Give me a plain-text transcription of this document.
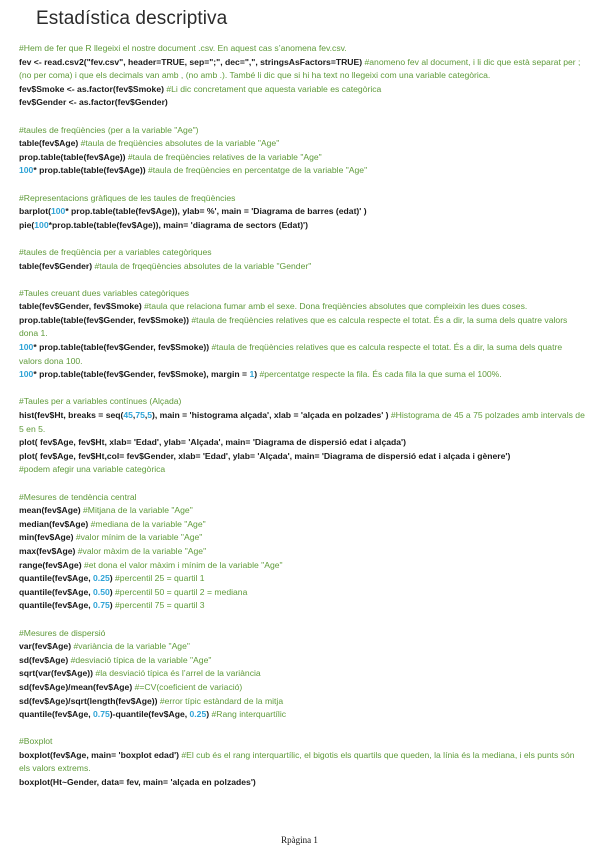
Estadística descriptiva
#Hem de fer que R llegeixi el nostre document .csv. En aquest cas s’anomena fev.csv.
fev <- read.csv2("fev.csv", header=TRUE, sep=";", dec=",", stringsAsFactors=TRUE) #anomeno fev al document, i li dic que està separat per ; (no per coma) i que els decimals van amb , (no amb .). També li dic que si hi ha text no llegeixi com una variable categòrica.
fev$Smoke <- as.factor(fev$Smoke) #Li dic concretament que aquesta variable es categòrica
fev$Gender <- as.factor(fev$Gender)
#taules de freqüències (per a la variable "Age")
table(fev$Age) #taula de freqüències absolutes de la variable "Age"
prop.table(table(fev$Age)) #taula de freqüències relatives de la variable "Age"
100* prop.table(table(fev$Age)) #taula de freqüències en percentatge de la variable "Age"
#Representacions gràfiques de les taules de freqüències
barplot(100* prop.table(table(fev$Age)), ylab= %', main = 'Diagrama de barres (edat)' )
pie(100*prop.table(table(fev$Age)), main= 'diagrama de sectors (Edat)')
#taules de freqüència per a variables categòriques
table(fev$Gender) #taula de frqeqüències absolutes de la variable "Gender"
#Taules creuant dues variables categòriques
table(fev$Gender, fev$Smoke) #taula que relaciona fumar amb el sexe. Dona freqüències absolutes que compleixin les dues coses.
prop.table(table(fev$Gender, fev$Smoke)) #taula de freqüències relatives que es calcula respecte el totat. És a dir, la suma dels quatre valors dona 1.
100* prop.table(table(fev$Gender, fev$Smoke)) #taula de freqüències relatives que es calcula respecte el totat. És a dir, la suma dels quatre valors dona 100.
100* prop.table(table(fev$Gender, fev$Smoke), margin = 1) #percentatge respecte la fila. És cada fila la que suma el 100%.
#Taules per a variables contínues (Alçada)
hist(fev$Ht, breaks = seq(45,75,5), main = 'histograma alçada', xlab = 'alçada en polzades' ) #Histograma de 45 a 75 polzades amb intervals de 5 en 5.
plot( fev$Age, fev$Ht, xlab= 'Edad', ylab= 'Alçada', main= 'Diagrama de dispersió edat i alçada')
plot( fev$Age, fev$Ht,col= fev$Gender, xlab= 'Edad', ylab= 'Alçada', main= 'Diagrama de dispersió edat i alçada i gènere')
#podem afegir una variable categòrica
#Mesures de tendència central
mean(fev$Age) #Mitjana de la variable "Age"
median(fev$Age) #mediana de la variable "Age"
min(fev$Age) #valor mínim de la variable "Age"
max(fev$Age) #valor màxim de la variable "Age"
range(fev$Age) #et dona el valor màxim i mínim de la variable "Age"
quantile(fev$Age, 0.25) #percentil 25 = quartil 1
quantile(fev$Age, 0.50) #percentil 50 = quartil 2 = mediana
quantile(fev$Age, 0.75) #percentil 75 = quartil 3
#Mesures de dispersió
var(fev$Age) #variància de la variable "Age"
sd(fev$Age) #desviació típica de la variable "Age"
sqrt(var(fev$Age)) #la desviació típica és l’arrel de la variància
sd(fev$Age)/mean(fev$Age) #=CV(coeficient de variació)
sd(fev$Age)/sqrt(length(fev$Age)) #error típic estàndard de la mitja
quantile(fev$Age, 0.75)-quantile(fev$Age, 0.25) #Rang interquartílic
#Boxplot
boxplot(fev$Age, main= 'boxplot edad') #El cub és el rang interquartílic, el bigotis els quartils que queden, la línia és la mediana, i els punts són els valors extrems.
boxplot(Ht~Gender, data= fev, main= 'alçada en polzades')
Rpàgina 1
